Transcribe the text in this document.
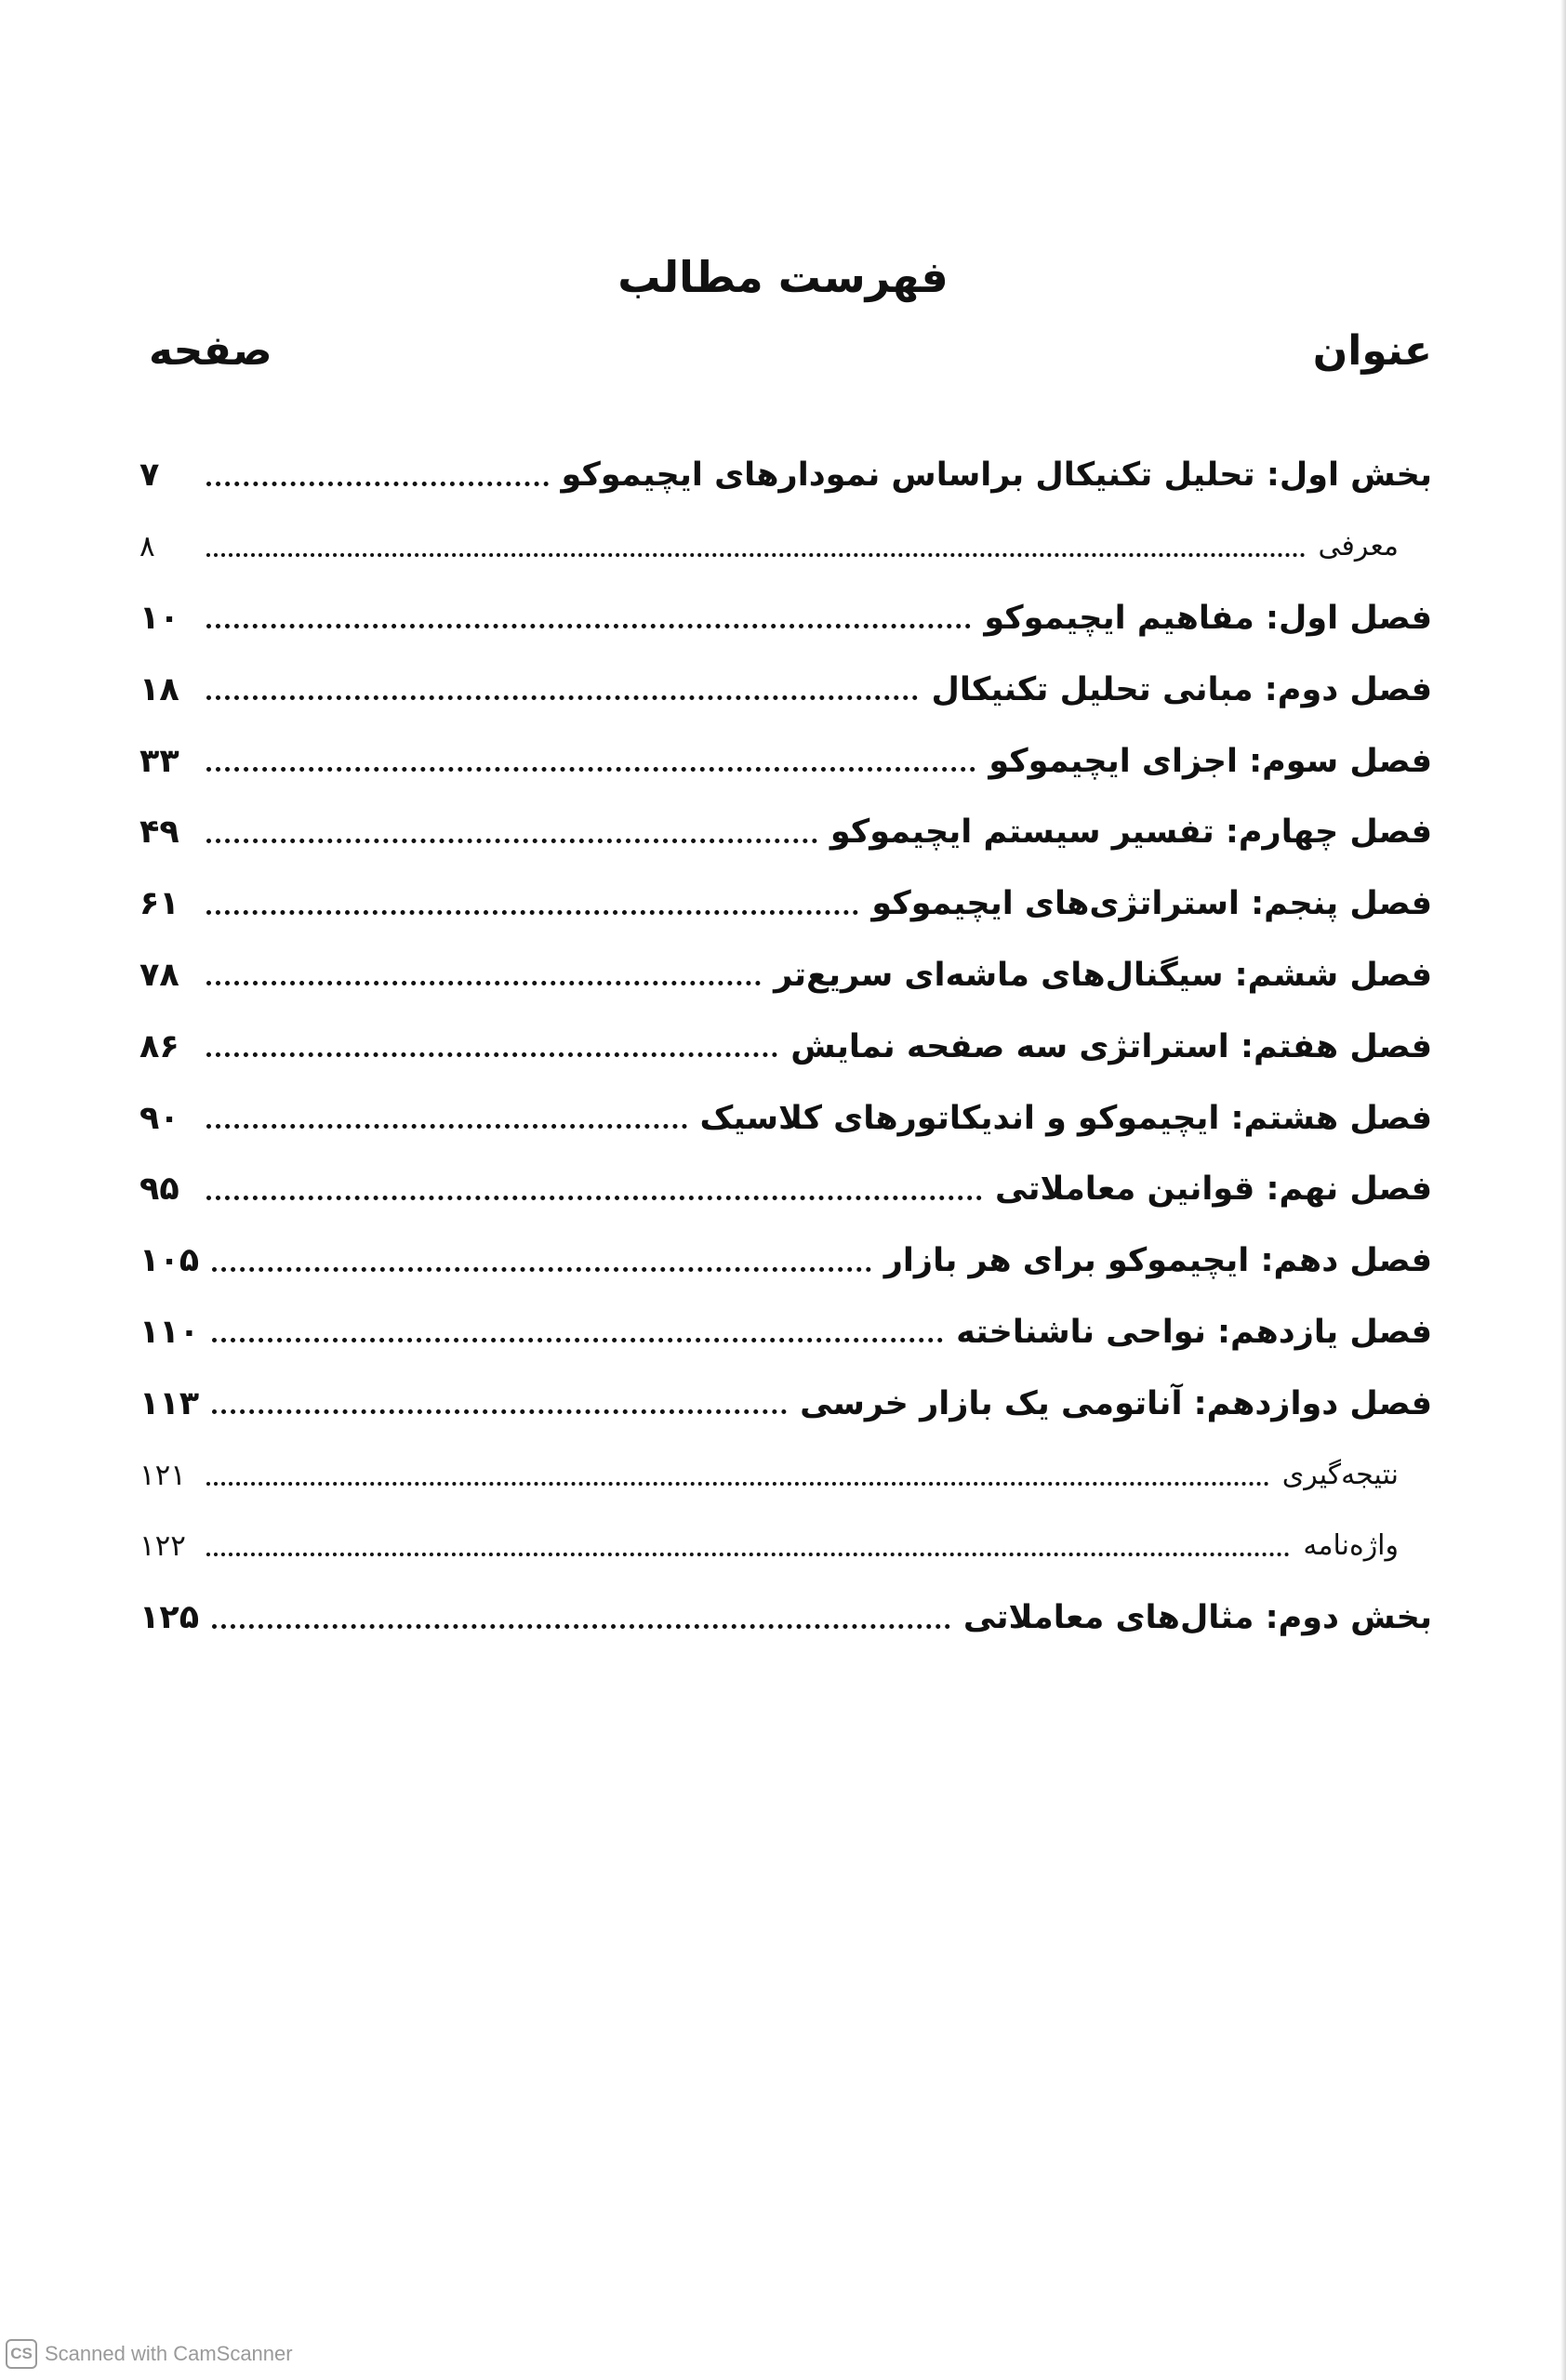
فهرست مطالب
عنوان
صفحه
بخش اول: تحلیل تکنیکال براساس نمودارهای ایچیموکو
۷
معرفی
۸
فصل اول: مفاهیم ایچیموکو
۱۰
فصل دوم: مبانی تحلیل تکنیکال
۱۸
فصل سوم: اجزای ایچیموکو
۳۳
فصل چهارم: تفسیر سیستم ایچیموکو
۴۹
فصل پنجم: استراتژی‌های ایچیموکو
۶۱
فصل ششم: سیگنال‌های ماشه‌ای سریع‌تر
۷۸
فصل هفتم: استراتژی سه صفحه نمایش
۸۶
فصل هشتم: ایچیموکو و اندیکاتورهای کلاسیک
۹۰
فصل نهم: قوانین معاملاتی
۹۵
فصل دهم: ایچیموکو برای هر بازار
۱۰۵
فصل یازدهم: نواحی ناشناخته
۱۱۰
فصل دوازدهم: آناتومی یک بازار خرسی
۱۱۳
نتیجه‌گیری
۱۲۱
واژه‌نامه
۱۲۲
بخش دوم: مثال‌های معاملاتی
۱۲۵
CS Scanned with CamScanner
